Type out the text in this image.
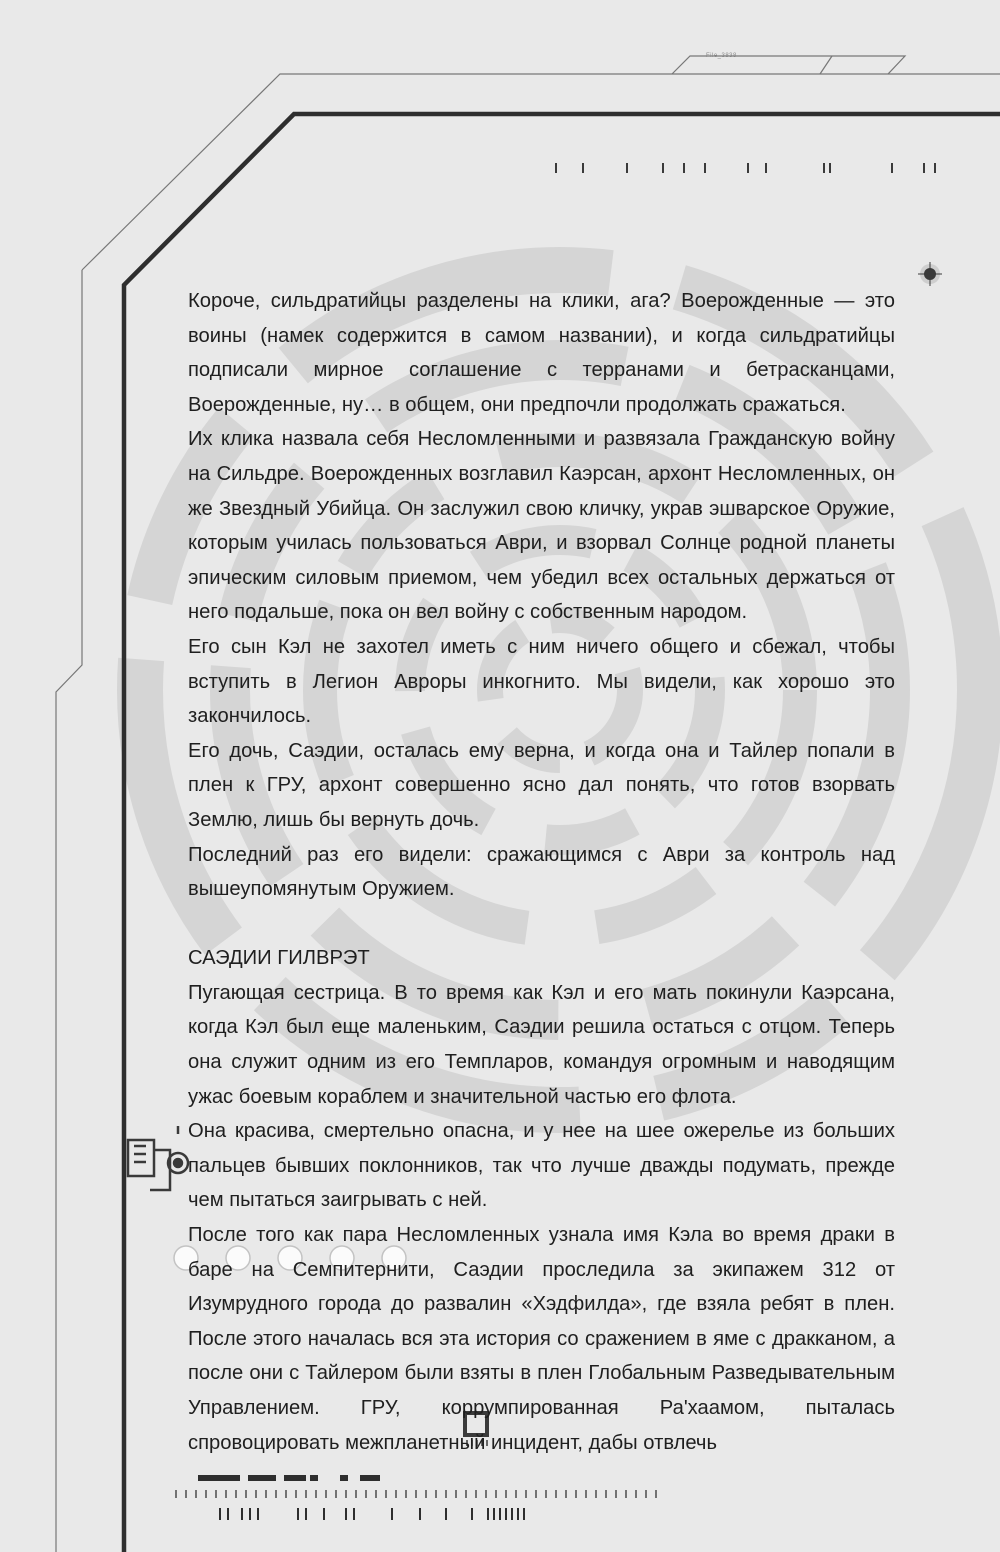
File_3838

Короче, сильдратийцы разделены на клики, ага? Воерожденные — это воины (намек содержится в самом названии), и когда сильдратийцы подписали мирное соглашение с терранами и бетрасканцами, Воерожденные, ну… в общем, они предпочли продолжать сражаться.

Их клика назвала себя Несломленными и развязала Гражданскую войну на Сильдре. Воерожденных возглавил Каэрсан, архонт Несломленных, он же Звездный Убийца. Он заслужил свою кличку, украв эшварское Оружие, которым училась пользоваться Аври, и взорвал Солнце родной планеты эпическим силовым приемом, чем убедил всех остальных держаться от него подальше, пока он вел войну с собственным народом.

Его сын Кэл не захотел иметь с ним ничего общего и сбежал, чтобы вступить в Легион Авроры инкогнито. Мы видели, как хорошо это закончилось.

Его дочь, Саэдии, осталась ему верна, и когда она и Тайлер попали в плен к ГРУ, архонт совершенно ясно дал понять, что готов взорвать Землю, лишь бы вернуть дочь.

Последний раз его видели: сражающимся с Аври за контроль над вышеупомянутым Оружием.

САЭДИИ ГИЛВРЭТ

Пугающая сестрица. В то время как Кэл и его мать покинули Каэрсана, когда Кэл был еще маленьким, Саэдии решила остаться с отцом. Теперь она служит одним из его Темпларов, командуя огромным и наводящим ужас боевым кораблем и значительной частью его флота.

Она красива, смертельно опасна, и у нее на шее ожерелье из больших пальцев бывших поклонников, так что лучше дважды подумать, прежде чем пытаться заигрывать с ней.

После того как пара Несломленных узнала имя Кэла во время драки в баре на Семпитернити, Саэдии проследила за экипажем 312 от Изумрудного города до развалин «Хэдфилда», где взяла ребят в плен. После этого началась вся эта история со сражением в яме с дракканом, а после они с Тайлером были взяты в плен Глобальным Разведывательным Управлением. ГРУ, коррумпированная Ра'хаамом, пыталась спровоцировать межпланетный инцидент, дабы отвлечь
